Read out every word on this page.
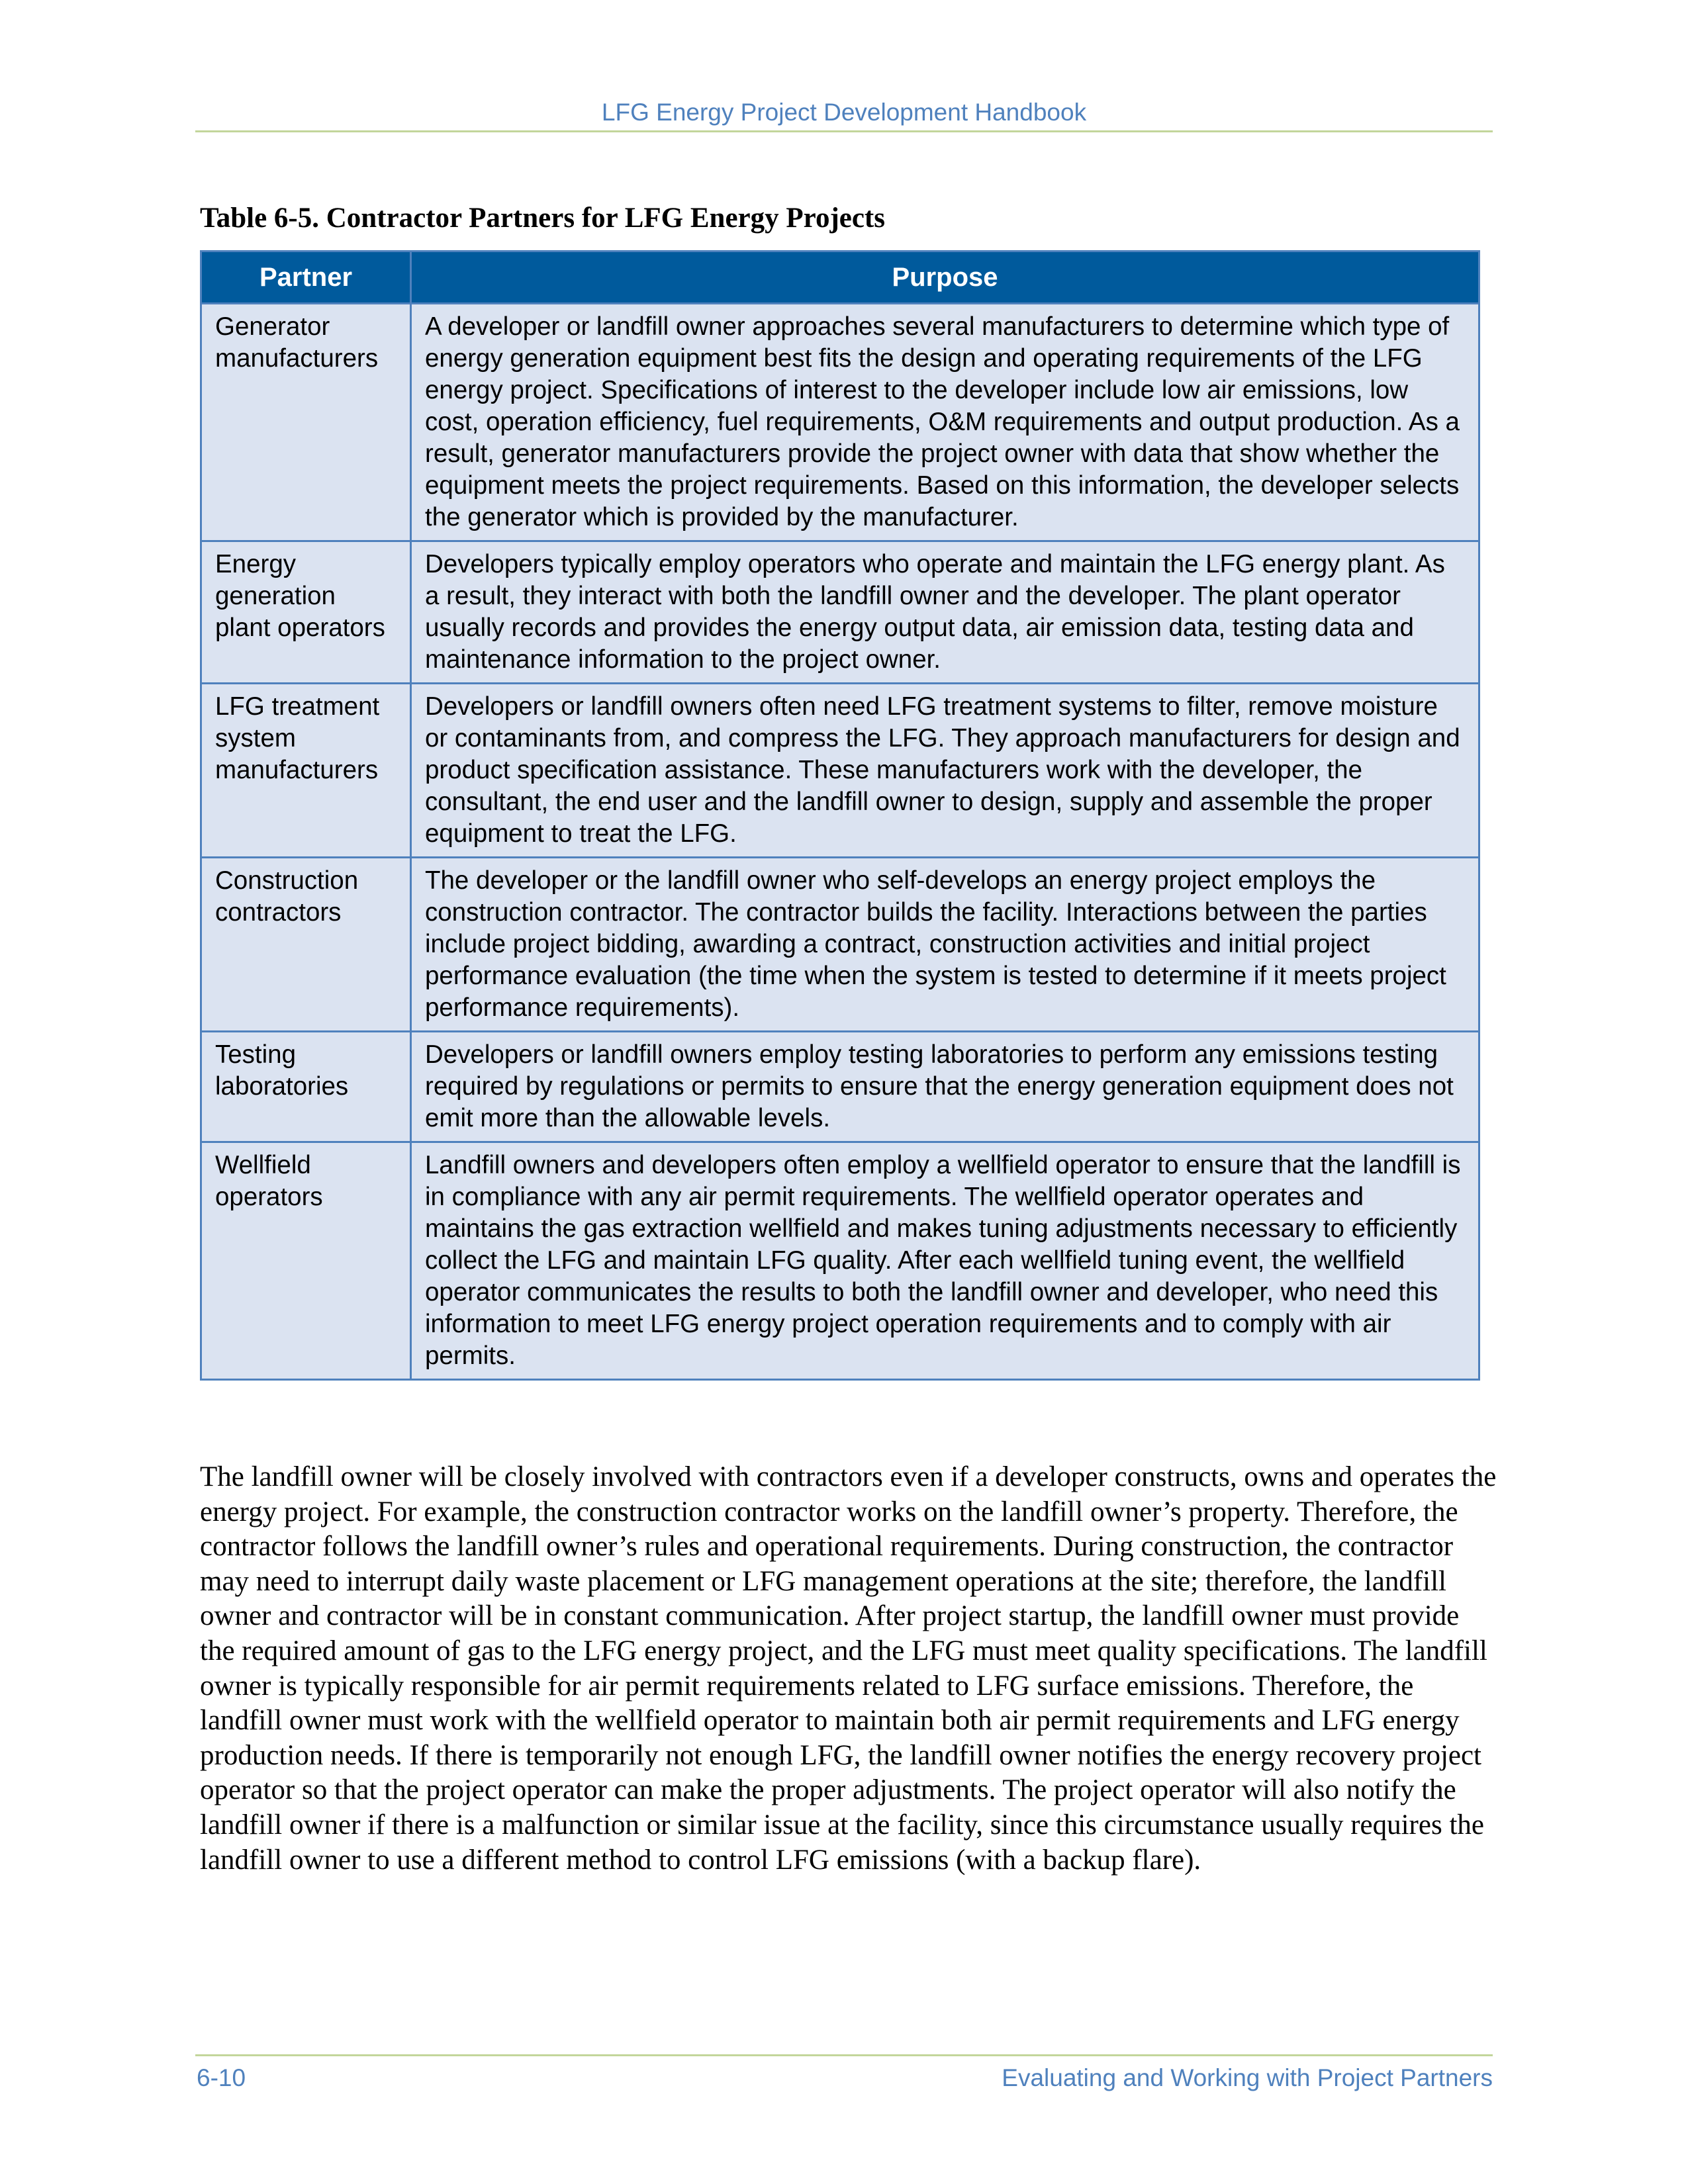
LFG Energy Project Development Handbook
Table 6-5. Contractor Partners for LFG Energy Projects
Partner	Purpose
Generator manufacturers	A developer or landfill owner approaches several manufacturers to determine which type of energy generation equipment best fits the design and operating requirements of the LFG energy project. Specifications of interest to the developer include low air emissions, low cost, operation efficiency, fuel requirements, O&M requirements and output production. As a result, generator manufacturers provide the project owner with data that show whether the equipment meets the project requirements. Based on this information, the developer selects the generator which is provided by the manufacturer.
Energy generation plant operators	Developers typically employ operators who operate and maintain the LFG energy plant. As a result, they interact with both the landfill owner and the developer. The plant operator usually records and provides the energy output data, air emission data, testing data and maintenance information to the project owner.
LFG treatment system manufacturers	Developers or landfill owners often need LFG treatment systems to filter, remove moisture or contaminants from, and compress the LFG. They approach manufacturers for design and product specification assistance. These manufacturers work with the developer, the consultant, the end user and the landfill owner to design, supply and assemble the proper equipment to treat the LFG.
Construction contractors	The developer or the landfill owner who self-develops an energy project employs the construction contractor. The contractor builds the facility. Interactions between the parties include project bidding, awarding a contract, construction activities and initial project performance evaluation (the time when the system is tested to determine if it meets project performance requirements).
Testing laboratories	Developers or landfill owners employ testing laboratories to perform any emissions testing required by regulations or permits to ensure that the energy generation equipment does not emit more than the allowable levels.
Wellfield operators	Landfill owners and developers often employ a wellfield operator to ensure that the landfill is in compliance with any air permit requirements. The wellfield operator operates and maintains the gas extraction wellfield and makes tuning adjustments necessary to efficiently collect the LFG and maintain LFG quality. After each wellfield tuning event, the wellfield operator communicates the results to both the landfill owner and developer, who need this information to meet LFG energy project operation requirements and to comply with air permits.

The landfill owner will be closely involved with contractors even if a developer constructs, owns and operates the energy project. For example, the construction contractor works on the landfill owner’s property. Therefore, the contractor follows the landfill owner’s rules and operational requirements. During construction, the contractor may need to interrupt daily waste placement or LFG management operations at the site; therefore, the landfill owner and contractor will be in constant communication. After project startup, the landfill owner must provide the required amount of gas to the LFG energy project, and the LFG must meet quality specifications. The landfill owner is typically responsible for air permit requirements related to LFG surface emissions. Therefore, the landfill owner must work with the wellfield operator to maintain both air permit requirements and LFG energy production needs. If there is temporarily not enough LFG, the landfill owner notifies the energy recovery project operator so that the project operator can make the proper adjustments. The project operator will also notify the landfill owner if there is a malfunction or similar issue at the facility, since this circumstance usually requires the landfill owner to use a different method to control LFG emissions (with a backup flare).

6-10	Evaluating and Working with Project Partners
